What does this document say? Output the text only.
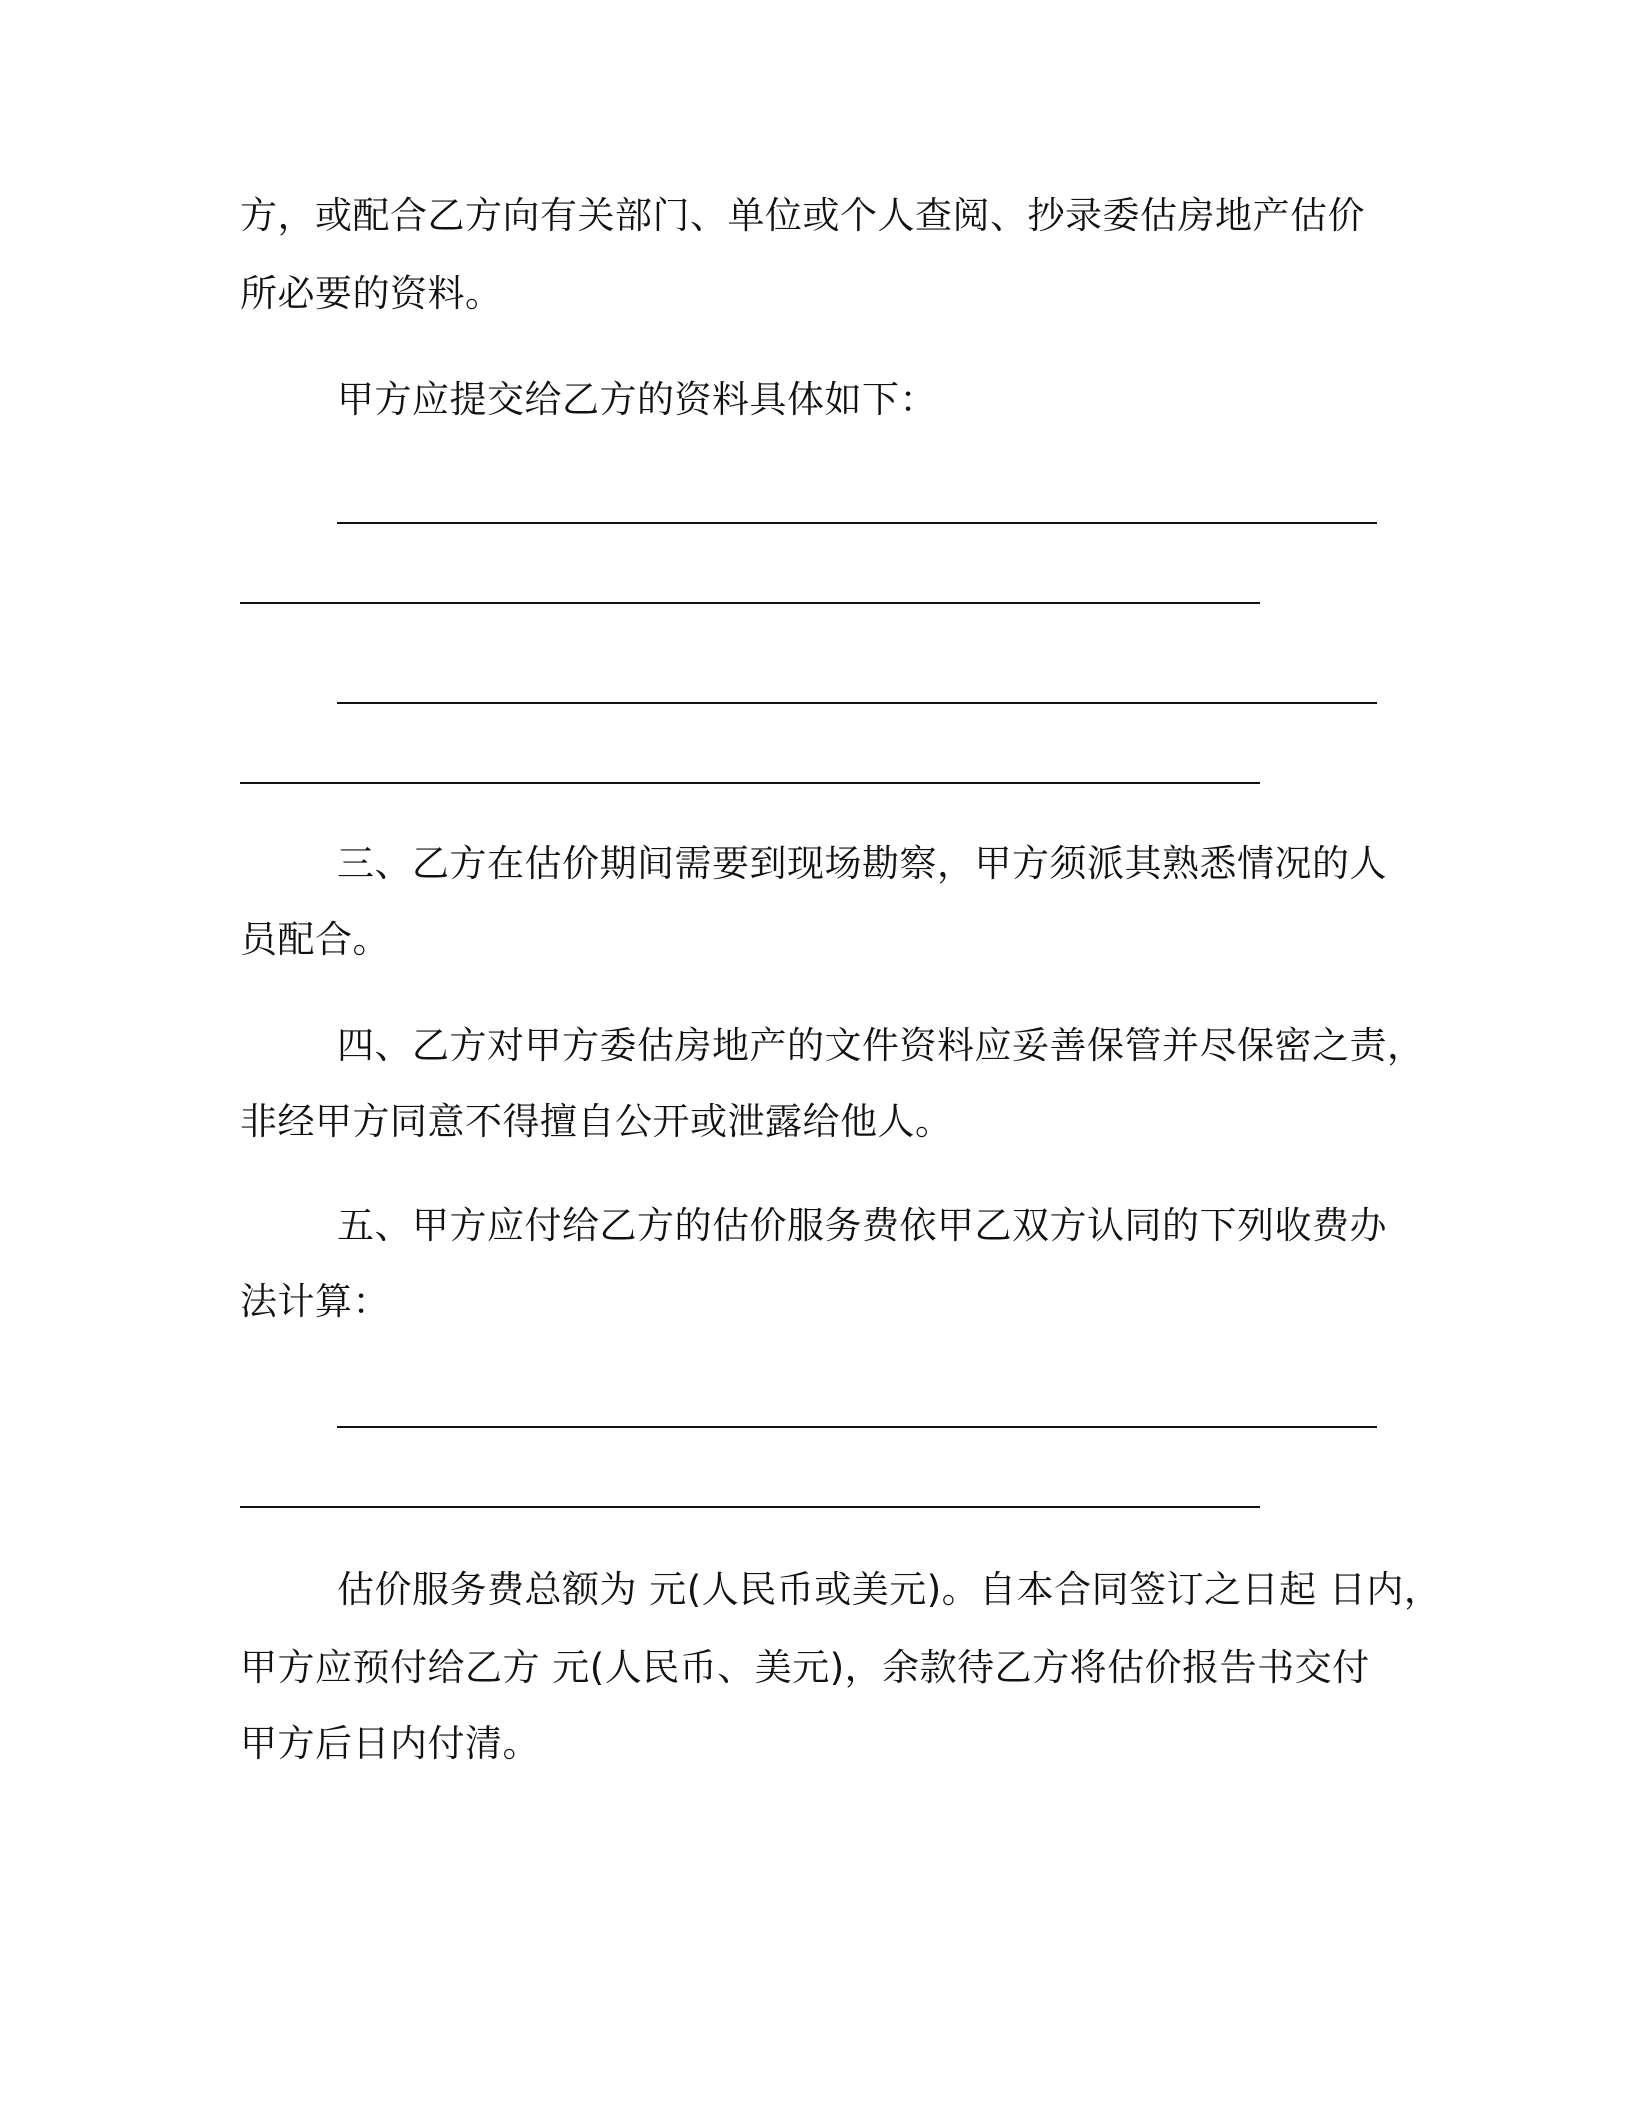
方，或配合乙方向有关部门、单位或个人查阅、抄录委估房地产估价
所必要的资料。
甲方应提交给乙方的资料具体如下：
三、乙方在估价期间需要到现场勘察，甲方须派其熟悉情况的人
员配合。
四、乙方对甲方委估房地产的文件资料应妥善保管并尽保密之责，
非经甲方同意不得擅自公开或泄露给他人。
五、甲方应付给乙方的估价服务费依甲乙双方认同的下列收费办
法计算：
估价服务费总额为 元(人民币或美元)。自本合同签订之日起 日内，
甲方应预付给乙方 元(人民币、美元)，余款待乙方将估价报告书交付
甲方后日内付清。
